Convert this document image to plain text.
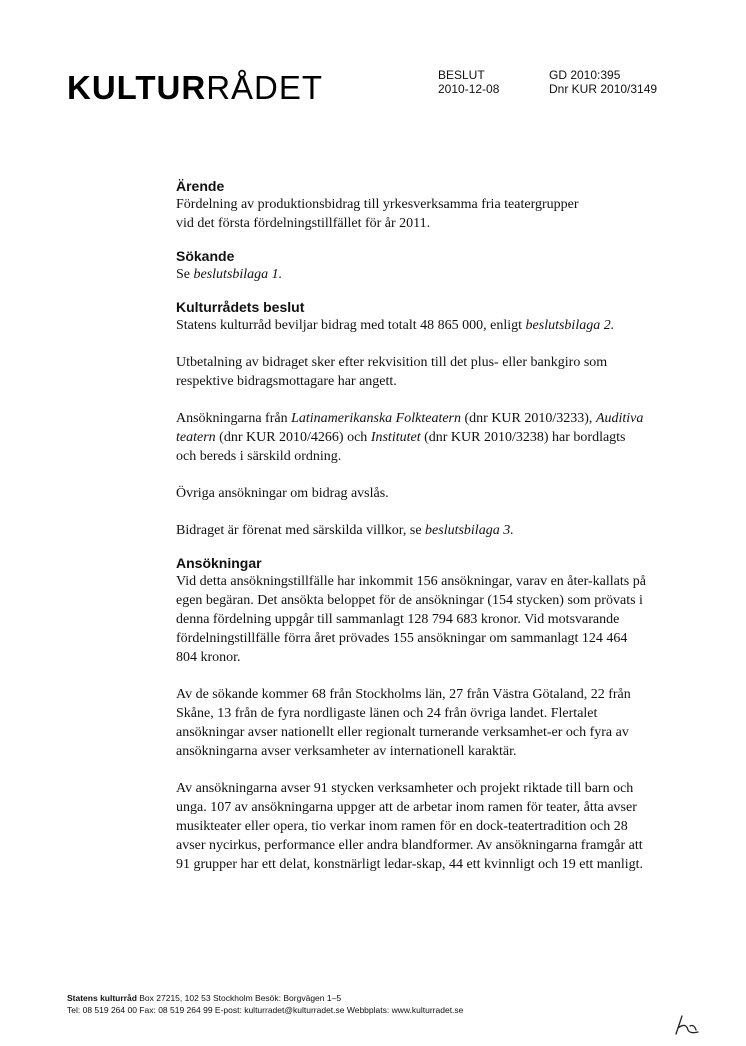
KULTURRÅDET	BESLUT
2010-12-08
GD 2010:395
Dnr KUR 2010/3149
Ärende

Fördelning av produktionsbidrag till yrkesverksamma fria teatergrupper
vid det första fördelningstillfället för år 2011.

Sökande

Se beslutsbilaga 1.

Kulturrådets beslut

Statens kulturråd beviljar bidrag med totalt 48 865 000, enligt beslutsbilaga 2.

Utbetalning av bidraget sker efter rekvisition till det plus- eller bankgiro som respektive bidragsmottagare har angett.

Ansökningarna från Latinamerikanska Folkteatern (dnr KUR 2010/3233), Auditiva teatern (dnr KUR 2010/4266) och Institutet (dnr KUR 2010/3238) har bordlagts och bereds i särskild ordning.

Övriga ansökningar om bidrag avslås.

Bidraget är förenat med särskilda villkor, se beslutsbilaga 3.

Ansökningar

Vid detta ansökningstillfälle har inkommit 156 ansökningar, varav en åter-kallats på egen begäran. Det ansökta beloppet för de ansökningar (154 stycken) som prövats i denna fördelning uppgår till sammanlagt 128 794 683 kronor. Vid motsvarande fördelningstillfälle förra året prövades 155 ansökningar om sammanlagt 124 464 804 kronor.

Av de sökande kommer 68 från Stockholms län, 27 från Västra Götaland, 22 från Skåne, 13 från de fyra nordligaste länen och 24 från övriga landet. Flertalet ansökningar avser nationellt eller regionalt turnerande verksamhet-er och fyra av ansökningarna avser verksamheter av internationell karaktär.

Av ansökningarna avser 91 stycken verksamheter och projekt riktade till barn och unga. 107 av ansökningarna uppger att de arbetar inom ramen för teater, åtta avser musikteater eller opera, tio verkar inom ramen för en dock-teatertradition och 28 avser nycirkus, performance eller andra blandformer. Av ansökningarna framgår att 91 grupper har ett delat, konstnärligt ledar-skap, 44 ett kvinnligt och 19 ett manligt.

Statens kulturråd Box 27215, 102 53 Stockholm Besök: Borgvägen 1–5
Tel: 08 519 264 00 Fax: 08 519 264 99 E-post: kulturradet@kulturradet.se Webbplats: www.kulturradet.se
